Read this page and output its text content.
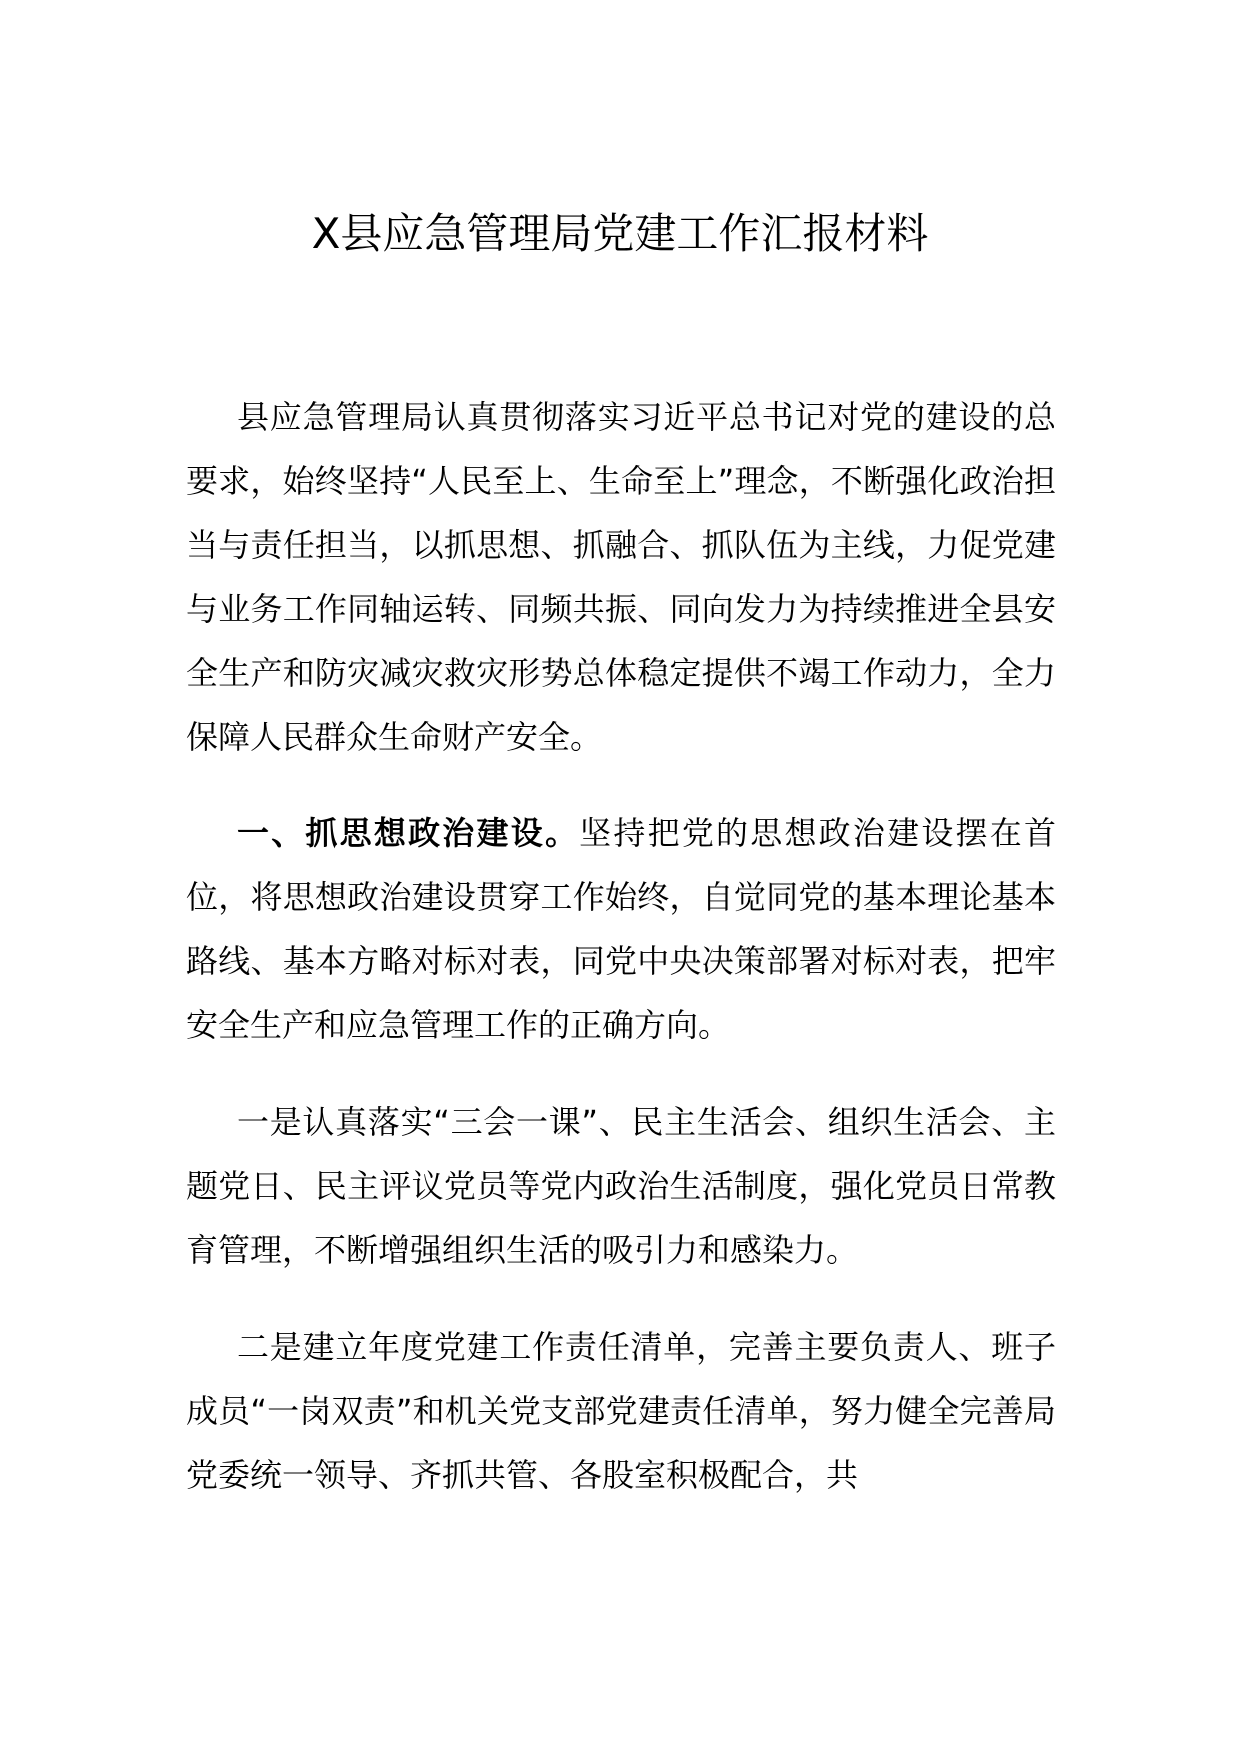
X县应急管理局党建工作汇报材料

县应急管理局认真贯彻落实习近平总书记对党的建设的总要求，始终坚持“人民至上、生命至上”理念，不断强化政治担当与责任担当，以抓思想、抓融合、抓队伍为主线，力促党建与业务工作同轴运转、同频共振、同向发力为持续推进全县安全生产和防灾减灾救灾形势总体稳定提供不竭工作动力，全力保障人民群众生命财产安全。

一、抓思想政治建设。坚持把党的思想政治建设摆在首位，将思想政治建设贯穿工作始终，自觉同党的基本理论基本路线、基本方略对标对表，同党中央决策部署对标对表，把牢安全生产和应急管理工作的正确方向。

一是认真落实“三会一课”、民主生活会、组织生活会、主题党日、民主评议党员等党内政治生活制度，强化党员日常教育管理，不断增强组织生活的吸引力和感染力。

二是建立年度党建工作责任清单，完善主要负责人、班子成员“一岗双责”和机关党支部党建责任清单，努力健全完善局党委统一领导、齐抓共管、各股室积极配合，共
